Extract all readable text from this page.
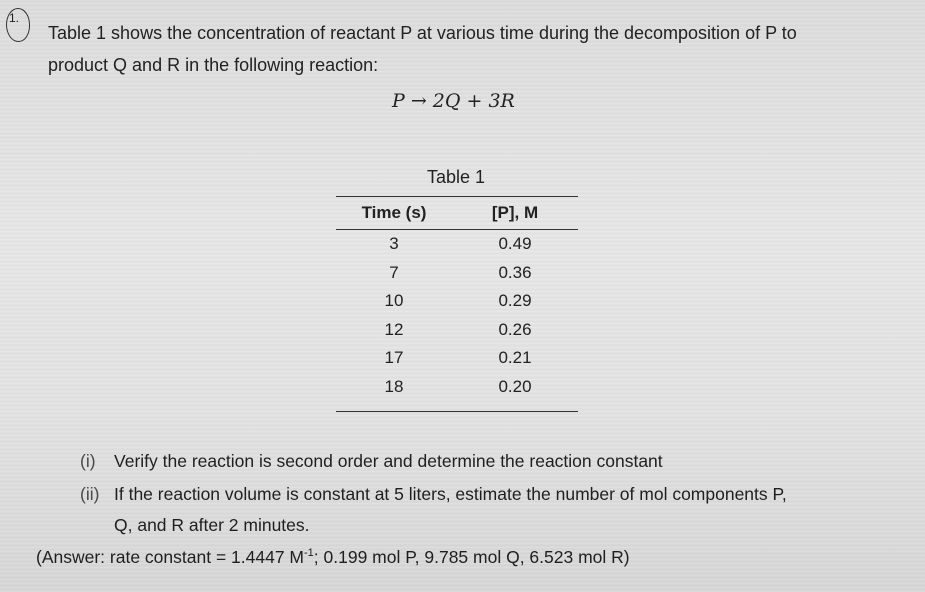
1.
Table 1 shows the concentration of reactant P at various time during the decomposition of P to
product Q and R in the following reaction:
P → 2Q + 3R
Table 1
Time (s)	[P], M
3	0.49
7	0.36
10	0.29
12	0.26
17	0.21
18	0.20
(i) Verify the reaction is second order and determine the reaction constant
(ii) If the reaction volume is constant at 5 liters, estimate the number of mol components P,
Q, and R after 2 minutes.
(Answer: rate constant = 1.4447 $M^{-1}$; 0.199 mol P, 9.785 mol Q, 6.523 mol R)
